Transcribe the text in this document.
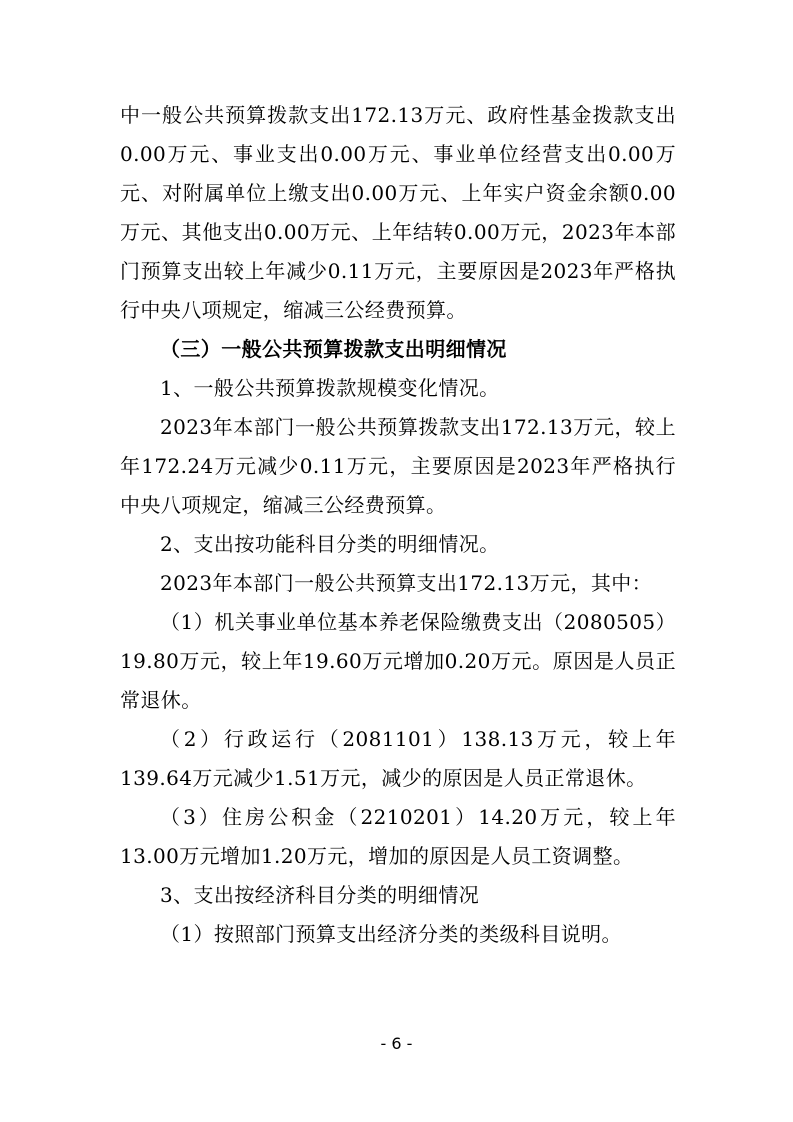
中一般公共预算拨款支出172.13万元、政府性基金拨款支出0.00万元、事业支出0.00万元、事业单位经营支出0.00万元、对附属单位上缴支出0.00万元、上年实户资金余额0.00万元、其他支出0.00万元、上年结转0.00万元，2023年本部门预算支出较上年减少0.11万元，主要原因是2023年严格执行中央八项规定，缩减三公经费预算。

（三）一般公共预算拨款支出明细情况

1、一般公共预算拨款规模变化情况。

2023年本部门一般公共预算拨款支出172.13万元，较上年172.24万元减少0.11万元，主要原因是2023年严格执行中央八项规定，缩减三公经费预算。

2、支出按功能科目分类的明细情况。

2023年本部门一般公共预算支出172.13万元，其中：

（1）机关事业单位基本养老保险缴费支出（2080505）19.80万元，较上年19.60万元增加0.20万元。原因是人员正常退休。

（2）行政运行（2081101）138.13万元，较上年139.64万元减少1.51万元，减少的原因是人员正常退休。

（3）住房公积金（2210201）14.20万元，较上年13.00万元增加1.20万元，增加的原因是人员工资调整。

3、支出按经济科目分类的明细情况

（1）按照部门预算支出经济分类的类级科目说明。

- 6 -
